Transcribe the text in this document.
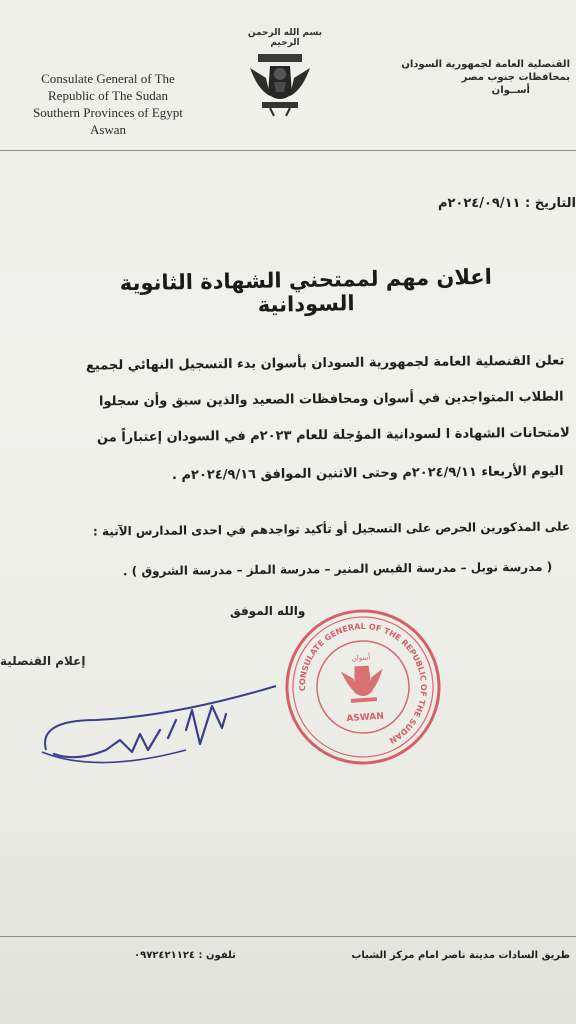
بسم الله الرحمن الرحيم
Consulate General of The
Republic of The Sudan
Southern Provinces of Egypt
Aswan
القنصلية العامة لجمهورية السودان
بمحافظات جنوب مصر
أســوان
التاريخ : ٢٠٢٤/٠٩/١١م
اعلان مهم لممتحني الشهادة الثانوية السودانية
تعلن القنصلية العامة لجمهورية السودان بأسوان بدء التسجيل النهائي لجميع
الطلاب المتواجدين في أسوان ومحافظات الصعيد والذين سبق وأن سجلوا
لامتحانات الشهادة ا لسودانية المؤجلة للعام ٢٠٢٣م في السودان إعتباراً من
اليوم الأربعاء ٢٠٢٤/٩/١١م وحتى الاثنين الموافق ٢٠٢٤/٩/١٦م .
على المذكورين الحرص على التسجيل أو تأكيد تواجدهم في احدى المدارس الآتية :
( مدرسة نوبل – مدرسة القبس المنير – مدرسة الملز – مدرسة الشروق ) .
والله الموفق
إعلام القنصلية
CONSULATE GENERAL OF THE REPUBLIC OF THE SUDAN
أسوان
ASWAN
طريق السادات مدينة ناصر امام مركز الشباب
تلفون : ٠٩٧٢٤٢١١٢٤
